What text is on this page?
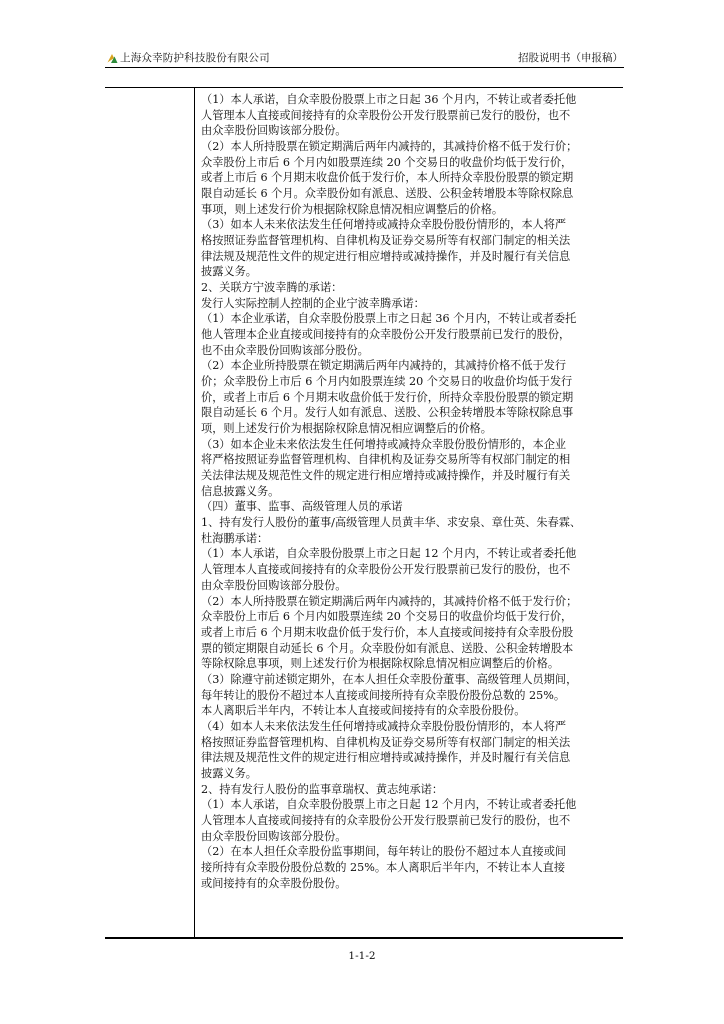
上海众幸防护科技股份有限公司	招股说明书（申报稿）
（1）本人承诺，自众幸股份股票上市之日起 36 个月内，不转让或者委托他
人管理本人直接或间接持有的众幸股份公开发行股票前已发行的股份，也不
由众幸股份回购该部分股份。
（2）本人所持股票在锁定期满后两年内减持的，其减持价格不低于发行价；
众幸股份上市后 6 个月内如股票连续 20 个交易日的收盘价均低于发行价，
或者上市后 6 个月期末收盘价低于发行价，本人所持众幸股份股票的锁定期
限自动延长 6 个月。众幸股份如有派息、送股、公积金转增股本等除权除息
事项，则上述发行价为根据除权除息情况相应调整后的价格。
（3）如本人未来依法发生任何增持或减持众幸股份股份情形的，本人将严
格按照证券监督管理机构、自律机构及证券交易所等有权部门制定的相关法
律法规及规范性文件的规定进行相应增持或减持操作，并及时履行有关信息
披露义务。
2、关联方宁波幸腾的承诺：
发行人实际控制人控制的企业宁波幸腾承诺：
（1）本企业承诺，自众幸股份股票上市之日起 36 个月内，不转让或者委托
他人管理本企业直接或间接持有的众幸股份公开发行股票前已发行的股份，
也不由众幸股份回购该部分股份。
（2）本企业所持股票在锁定期满后两年内减持的，其减持价格不低于发行
价；众幸股份上市后 6 个月内如股票连续 20 个交易日的收盘价均低于发行
价，或者上市后 6 个月期末收盘价低于发行价，所持众幸股份股票的锁定期
限自动延长 6 个月。发行人如有派息、送股、公积金转增股本等除权除息事
项，则上述发行价为根据除权除息情况相应调整后的价格。
（3）如本企业未来依法发生任何增持或减持众幸股份股份情形的，本企业
将严格按照证券监督管理机构、自律机构及证券交易所等有权部门制定的相
关法律法规及规范性文件的规定进行相应增持或减持操作，并及时履行有关
信息披露义务。
（四）董事、监事、高级管理人员的承诺
1、持有发行人股份的董事/高级管理人员黄丰华、求安泉、章仕英、朱春霖、
杜海鹏承诺：
（1）本人承诺，自众幸股份股票上市之日起 12 个月内，不转让或者委托他
人管理本人直接或间接持有的众幸股份公开发行股票前已发行的股份，也不
由众幸股份回购该部分股份。
（2）本人所持股票在锁定期满后两年内减持的，其减持价格不低于发行价；
众幸股份上市后 6 个月内如股票连续 20 个交易日的收盘价均低于发行价，
或者上市后 6 个月期末收盘价低于发行价，本人直接或间接持有众幸股份股
票的锁定期限自动延长 6 个月。众幸股份如有派息、送股、公积金转增股本
等除权除息事项，则上述发行价为根据除权除息情况相应调整后的价格。
（3）除遵守前述锁定期外，在本人担任众幸股份董事、高级管理人员期间，
每年转让的股份不超过本人直接或间接所持有众幸股份股份总数的 25%。
本人离职后半年内，不转让本人直接或间接持有的众幸股份股份。
（4）如本人未来依法发生任何增持或减持众幸股份股份情形的，本人将严
格按照证券监督管理机构、自律机构及证券交易所等有权部门制定的相关法
律法规及规范性文件的规定进行相应增持或减持操作，并及时履行有关信息
披露义务。
2、持有发行人股份的监事章瑞权、黄志纯承诺：
（1）本人承诺，自众幸股份股票上市之日起 12 个月内，不转让或者委托他
人管理本人直接或间接持有的众幸股份公开发行股票前已发行的股份，也不
由众幸股份回购该部分股份。
（2）在本人担任众幸股份监事期间，每年转让的股份不超过本人直接或间
接所持有众幸股份股份总数的 25%。本人离职后半年内，不转让本人直接
或间接持有的众幸股份股份。
1-1-2
